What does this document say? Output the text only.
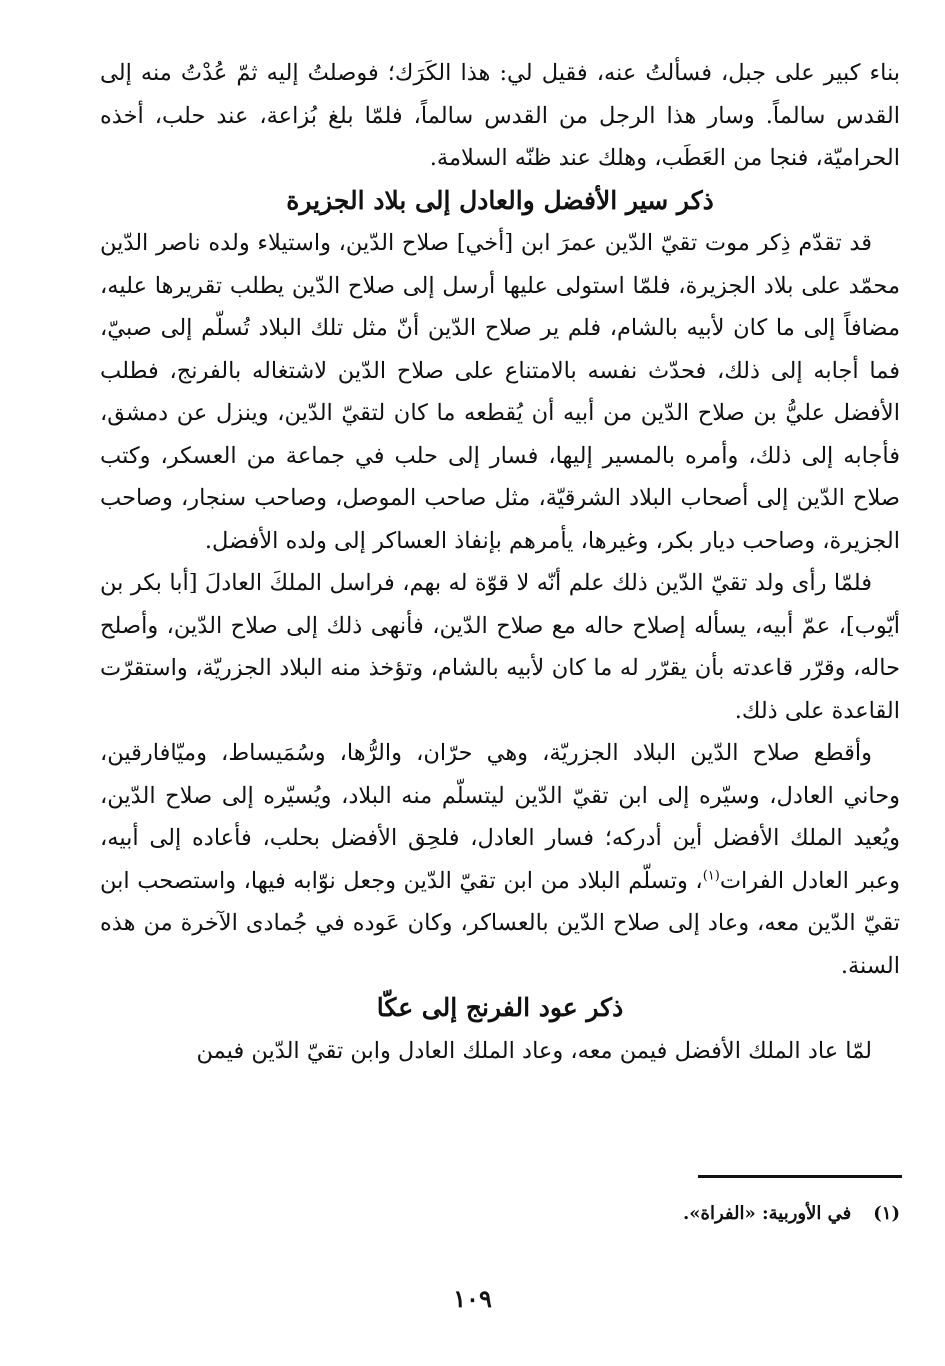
بناء كبير على جبل، فسألتُ عنه، فقيل لي: هذا الكَرَك؛ فوصلتُ إليه ثمّ عُدْتُ منه إلى القدس سالماً. وسار هذا الرجل من القدس سالماً، فلمّا بلغ بُزاعة، عند حلب، أخذه الحراميّة، فنجا من العَطَب، وهلك عند ظنّه السلامة.

ذكر سير الأفضل والعادل إلى بلاد الجزيرة

قد تقدّم ذِكر موت تقيّ الدّين عمرَ ابن [أخي] صلاح الدّين، واستيلاء ولده ناصر الدّين محمّد على بلاد الجزيرة، فلمّا استولى عليها أرسل إلى صلاح الدّين يطلب تقريرها عليه، مضافاً إلى ما كان لأبيه بالشام، فلم ير صلاح الدّين أنّ مثل تلك البلاد تُسلّم إلى صبيّ، فما أجابه إلى ذلك، فحدّث نفسه بالامتناع على صلاح الدّين لاشتغاله بالفرنج، فطلب الأفضل عليُّ بن صلاح الدّين من أبيه أن يُقطعه ما كان لتقيّ الدّين، وينزل عن دمشق، فأجابه إلى ذلك، وأمره بالمسير إليها، فسار إلى حلب في جماعة من العسكر، وكتب صلاح الدّين إلى أصحاب البلاد الشرقيّة، مثل صاحب الموصل، وصاحب سنجار، وصاحب الجزيرة، وصاحب ديار بكر، وغيرها، يأمرهم بإنفاذ العساكر إلى ولده الأفضل.

فلمّا رأى ولد تقيّ الدّين ذلك علم أنّه لا قوّة له بهم، فراسل الملكَ العادلَ [أبا بكر بن أيّوب]، عمّ أبيه، يسأله إصلاح حاله مع صلاح الدّين، فأنهى ذلك إلى صلاح الدّين، وأصلح حاله، وقرّر قاعدته بأن يقرّر له ما كان لأبيه بالشام، وتؤخذ منه البلاد الجزريّة، واستقرّت القاعدة على ذلك.

وأقطع صلاح الدّين البلاد الجزريّة، وهي حرّان، والرُّها، وسُمَيساط، وميّافارقين، وحاني العادل، وسيّره إلى ابن تقيّ الدّين ليتسلّم منه البلاد، ويُسيّره إلى صلاح الدّين، ويُعيد الملك الأفضل أين أدركه؛ فسار العادل، فلحِق الأفضل بحلب، فأعاده إلى أبيه، وعبر العادل الفرات$^{(١)}$، وتسلّم البلاد من ابن تقيّ الدّين وجعل نوّابه فيها، واستصحب ابن تقيّ الدّين معه، وعاد إلى صلاح الدّين بالعساكر، وكان عَوده في جُمادى الآخرة من هذه السنة.

ذكر عود الفرنج إلى عكّا

لمّا عاد الملك الأفضل فيمن معه، وعاد الملك العادل وابن تقيّ الدّين فيمن

(١)في الأوربية: «الفراة».
١٠٩
